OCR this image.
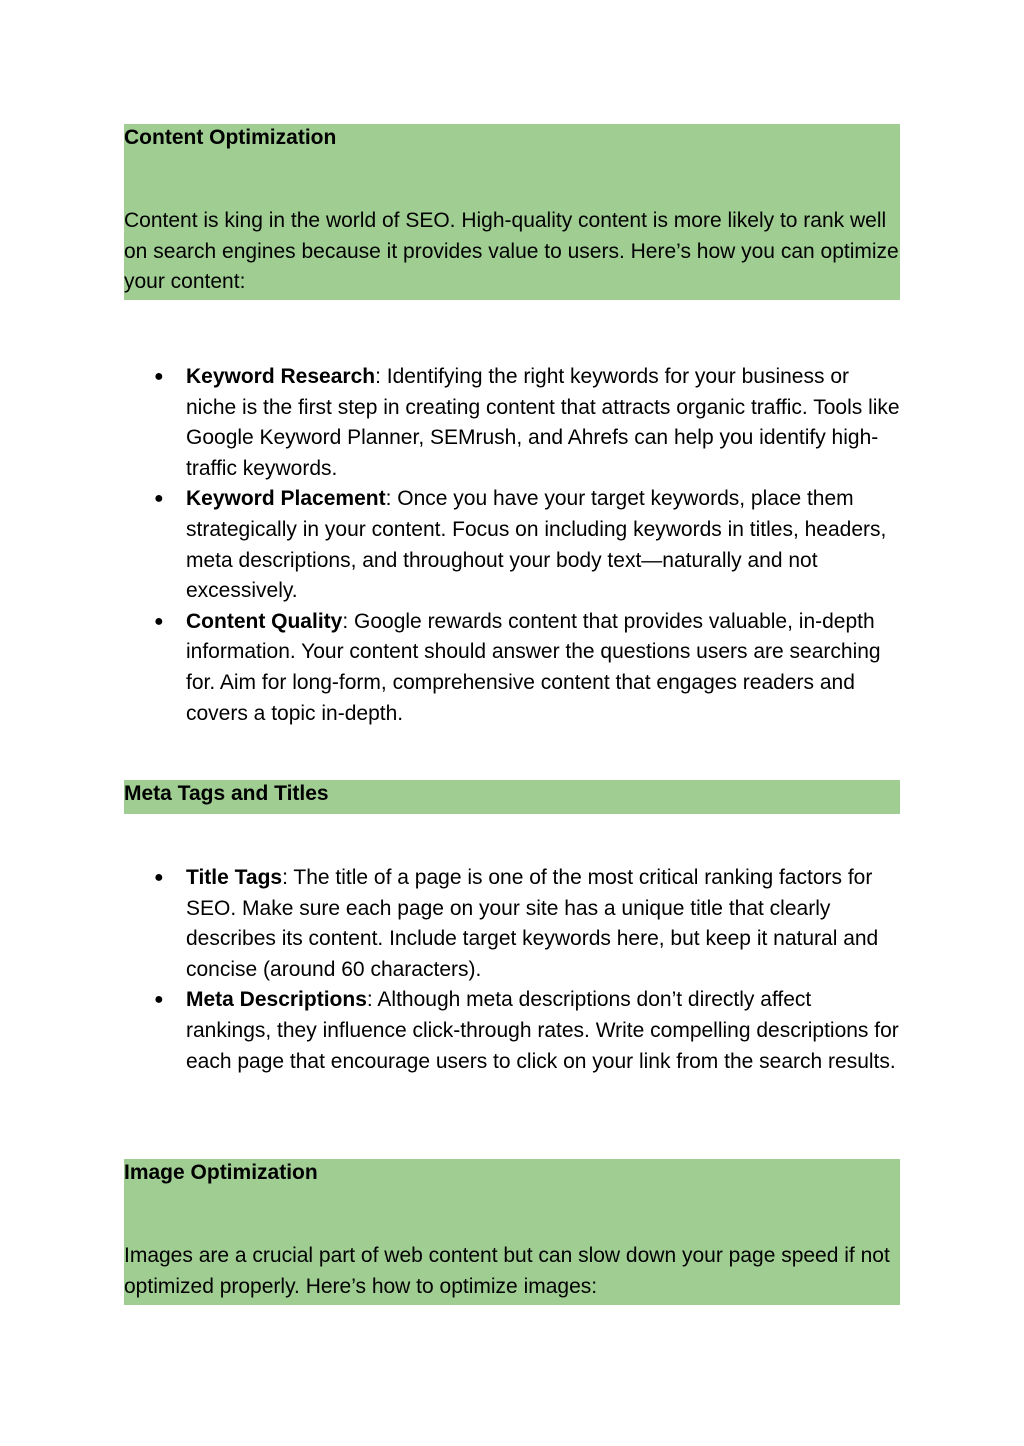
Content Optimization

Content is king in the world of SEO. High-quality content is more likely to rank well on search engines because it provides value to users. Here’s how you can optimize your content:

● Keyword Research: Identifying the right keywords for your business or niche is the first step in creating content that attracts organic traffic. Tools like Google Keyword Planner, SEMrush, and Ahrefs can help you identify high-traffic keywords.
● Keyword Placement: Once you have your target keywords, place them strategically in your content. Focus on including keywords in titles, headers, meta descriptions, and throughout your body text—naturally and not excessively.
● Content Quality: Google rewards content that provides valuable, in-depth information. Your content should answer the questions users are searching for. Aim for long-form, comprehensive content that engages readers and covers a topic in-depth.

Meta Tags and Titles

● Title Tags: The title of a page is one of the most critical ranking factors for SEO. Make sure each page on your site has a unique title that clearly describes its content. Include target keywords here, but keep it natural and concise (around 60 characters).
● Meta Descriptions: Although meta descriptions don’t directly affect rankings, they influence click-through rates. Write compelling descriptions for each page that encourage users to click on your link from the search results.

Image Optimization

Images are a crucial part of web content but can slow down your page speed if not optimized properly. Here’s how to optimize images:
